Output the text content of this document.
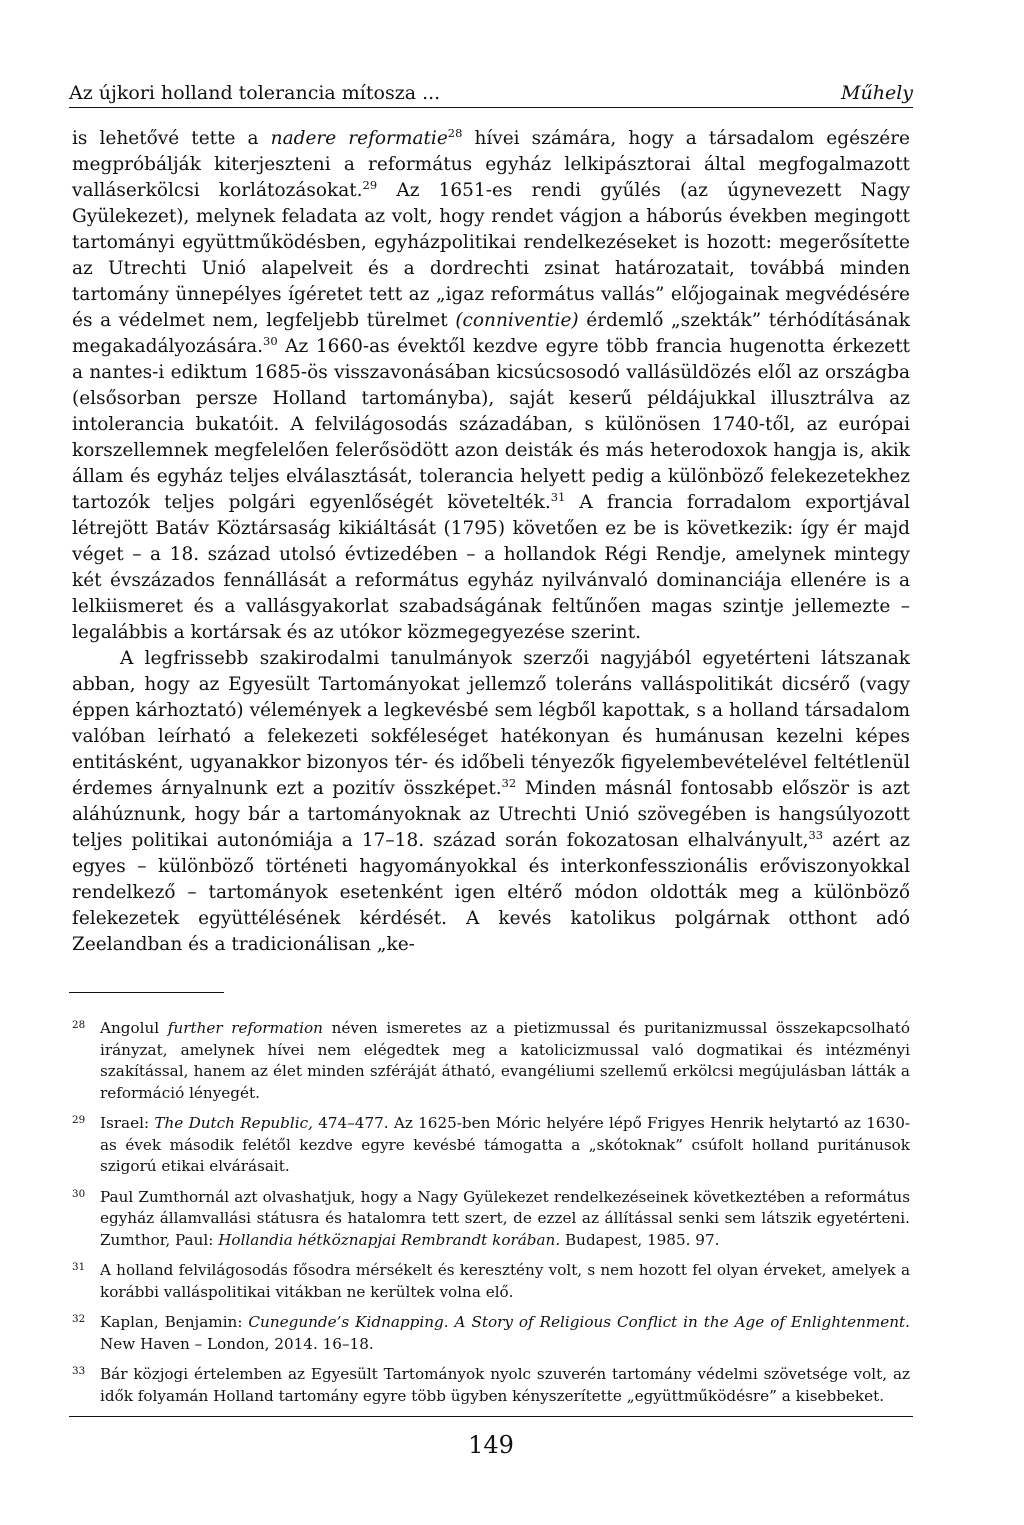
Az újkori holland tolerancia mítosza ...	Műhely

is lehetővé tette a nadere reformatie$^{28}$ hívei számára, hogy a társadalom egészére megpróbálják kiterjeszteni a református egyház lelkipásztorai által megfogalmazott valláserkölcsi korlátozásokat.$^{29}$ Az 1651-es rendi gyűlés (az úgynevezett Nagy Gyülekezet), melynek feladata az volt, hogy rendet vágjon a háborús években megingott tartományi együttműködésben, egyházpolitikai rendelkezéseket is hozott: megerősítette az Utrechti Unió alapelveit és a dordrechti zsinat határozatait, továbbá minden tartomány ünnepélyes ígéretet tett az „igaz református vallás” előjogainak megvédésére és a védelmet nem, legfeljebb türelmet (conniventie) érdemlő „szekták” térhódításának megakadályozására.$^{30}$ Az 1660-as évektől kezdve egyre több francia hugenotta érkezett a nantes-i ediktum 1685-ös visszavonásában kicsúcsosodó vallásüldözés elől az országba (elsősorban persze Holland tartományba), saját keserű példájukkal illusztrálva az intolerancia bukatóit. A felvilágosodás századában, s különösen 1740-től, az európai korszellemnek megfelelően felerősödött azon deisták és más heterodoxok hangja is, akik állam és egyház teljes elválasztását, tolerancia helyett pedig a különböző felekezetekhez tartozók teljes polgári egyenlőségét követelték.$^{31}$ A francia forradalom exportjával létrejött Batáv Köztársaság kikiáltását (1795) követően ez be is következik: így ér majd véget – a 18. század utolsó évtizedében – a hollandok Régi Rendje, amelynek mintegy két évszázados fennállását a református egyház nyilvánvaló dominanciája ellenére is a lelkiismeret és a vallásgyakorlat szabadságának feltűnően magas szintje jellemezte – legalábbis a kortársak és az utókor közmegegyezése szerint.

A legfrissebb szakirodalmi tanulmányok szerzői nagyjából egyetérteni látszanak abban, hogy az Egyesült Tartományokat jellemző toleráns valláspolitikát dicsérő (vagy éppen kárhoztató) vélemények a legkevésbé sem légből kapottak, s a holland társadalom valóban leírható a felekezeti sokféleséget hatékonyan és humánusan kezelni képes entitásként, ugyanakkor bizonyos tér- és időbeli tényezők figyelembevételével feltétlenül érdemes árnyalnunk ezt a pozitív összképet.$^{32}$ Minden másnál fontosabb először is azt aláhúznunk, hogy bár a tartományoknak az Utrechti Unió szövegében is hangsúlyozott teljes politikai autonómiája a 17–18. század során fokozatosan elhalványult,$^{33}$ azért az egyes – különböző történeti hagyományokkal és interkonfesszionális erőviszonyokkal rendelkező – tartományok esetenként igen eltérő módon oldották meg a különböző felekezetek együttélésének kérdését. A kevés katolikus polgárnak otthont adó Zeelandban és a tradicionálisan „ke-

28 Angolul further reformation néven ismeretes az a pietizmussal és puritanizmussal összekapcsolható irányzat, amelynek hívei nem elégedtek meg a katolicizmussal való dogmatikai és intézményi szakítással, hanem az élet minden szféráját átható, evangéliumi szellemű erkölcsi megújulásban látták a reformáció lényegét.
29 Israel: The Dutch Republic, 474–477. Az 1625-ben Móric helyére lépő Frigyes Henrik helytartó az 1630-as évek második felétől kezdve egyre kevésbé támogatta a „skótoknak” csúfolt holland puritánusok szigorú etikai elvárásait.
30 Paul Zumthornál azt olvashatjuk, hogy a Nagy Gyülekezet rendelkezéseinek következtében a református egyház államvallási státusra és hatalomra tett szert, de ezzel az állítással senki sem látszik egyetérteni. Zumthor, Paul: Hollandia hétköznapjai Rembrandt korában. Budapest, 1985. 97.
31 A holland felvilágosodás fősodra mérsékelt és keresztény volt, s nem hozott fel olyan érveket, amelyek a korábbi valláspolitikai vitákban ne kerültek volna elő.
32 Kaplan, Benjamin: Cunegunde’s Kidnapping. A Story of Religious Conflict in the Age of Enlightenment. New Haven – London, 2014. 16–18.
33 Bár közjogi értelemben az Egyesült Tartományok nyolc szuverén tartomány védelmi szövetsége volt, az idők folyamán Holland tartomány egyre több ügyben kényszerítette „együttműködésre” a kisebbeket.
149
